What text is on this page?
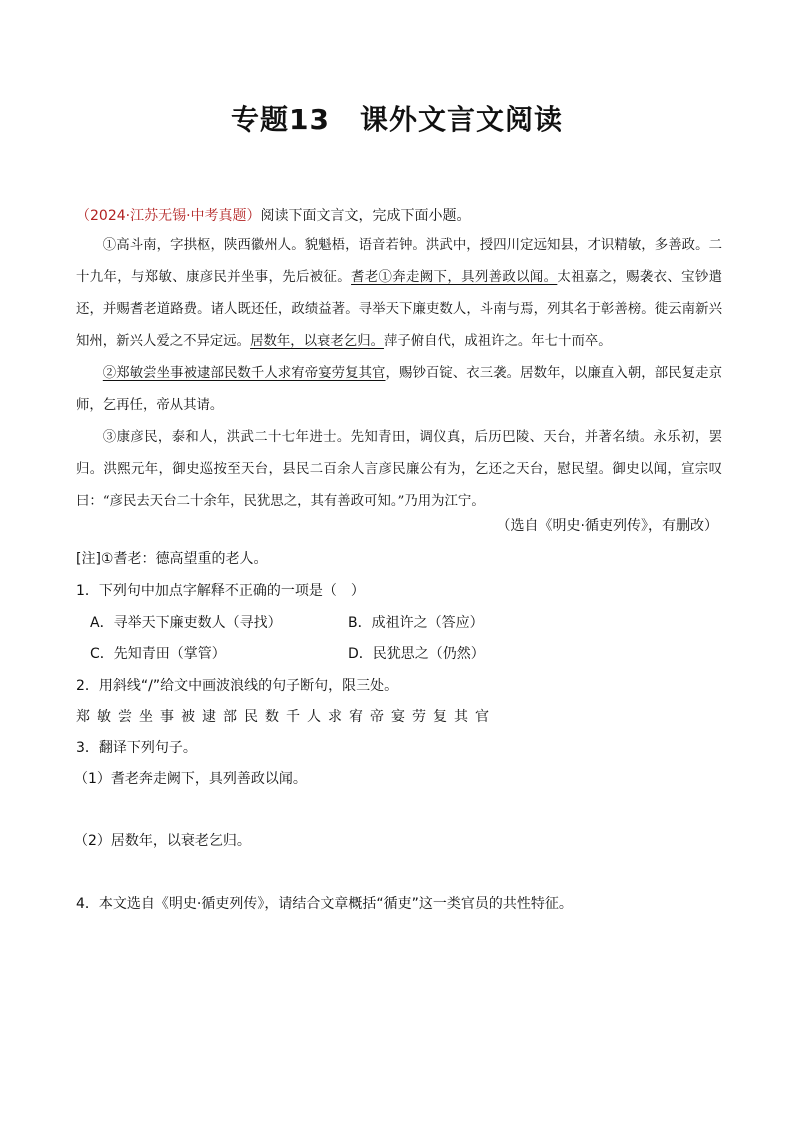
专题13 课外文言文阅读
（2024·江苏无锡·中考真题）阅读下面文言文，完成下面小题。

①高斗南，字拱枢，陕西徽州人。貌魁梧，语音若钟。洪武中，授四川定远知县，才识精敏，多善政。二十九年，与郑敏、康彦民并坐事，先后被征。耆老①奔走阙下，具列善政以闻。太祖嘉之，赐袭衣、宝钞遣还，并赐耆老道路费。诸人既还任，政绩益著。寻举天下廉吏数人，斗南与焉，列其名于彰善榜。徙云南新兴知州，新兴人爱之不异定远。居数年，以衰老乞归。萍子俯自代，成祖许之。年七十而卒。

②郑敏尝坐事被逮部民数千人求宥帝宴劳复其官，赐钞百锭、衣三袭。居数年，以廉直入朝，部民复走京师，乞再任，帝从其请。

③康彦民，泰和人，洪武二十七年进士。先知青田，调仪真，后历巴陵、天台，并著名绩。永乐初，罢归。洪熙元年，御史巡按至天台，县民二百余人言彦民廉公有为，乞还之天台，慰民望。御史以闻，宣宗叹曰：“彦民去天台二十余年，民犹思之，其有善政可知。”乃用为江宁。

（选自《明史·循吏列传》，有删改）
[注]①耆老：德高望重的老人。
1．下列句中加点字解释不正确的一项是（　）
A．寻举天下廉吏数人（寻找）	B．成祖许之（答应）
C．先知青田（掌管）	D．民犹思之（仍然）
2．用斜线“/”给文中画波浪线的句子断句，限三处。
郑敏尝坐事被逮部民数千人求宥帝宴劳复其官
3．翻译下列句子。
（1）耆老奔走阙下，具列善政以闻。
（2）居数年，以衰老乞归。
4．本文选自《明史·循吏列传》，请结合文章概括“循吏”这一类官员的共性特征。
